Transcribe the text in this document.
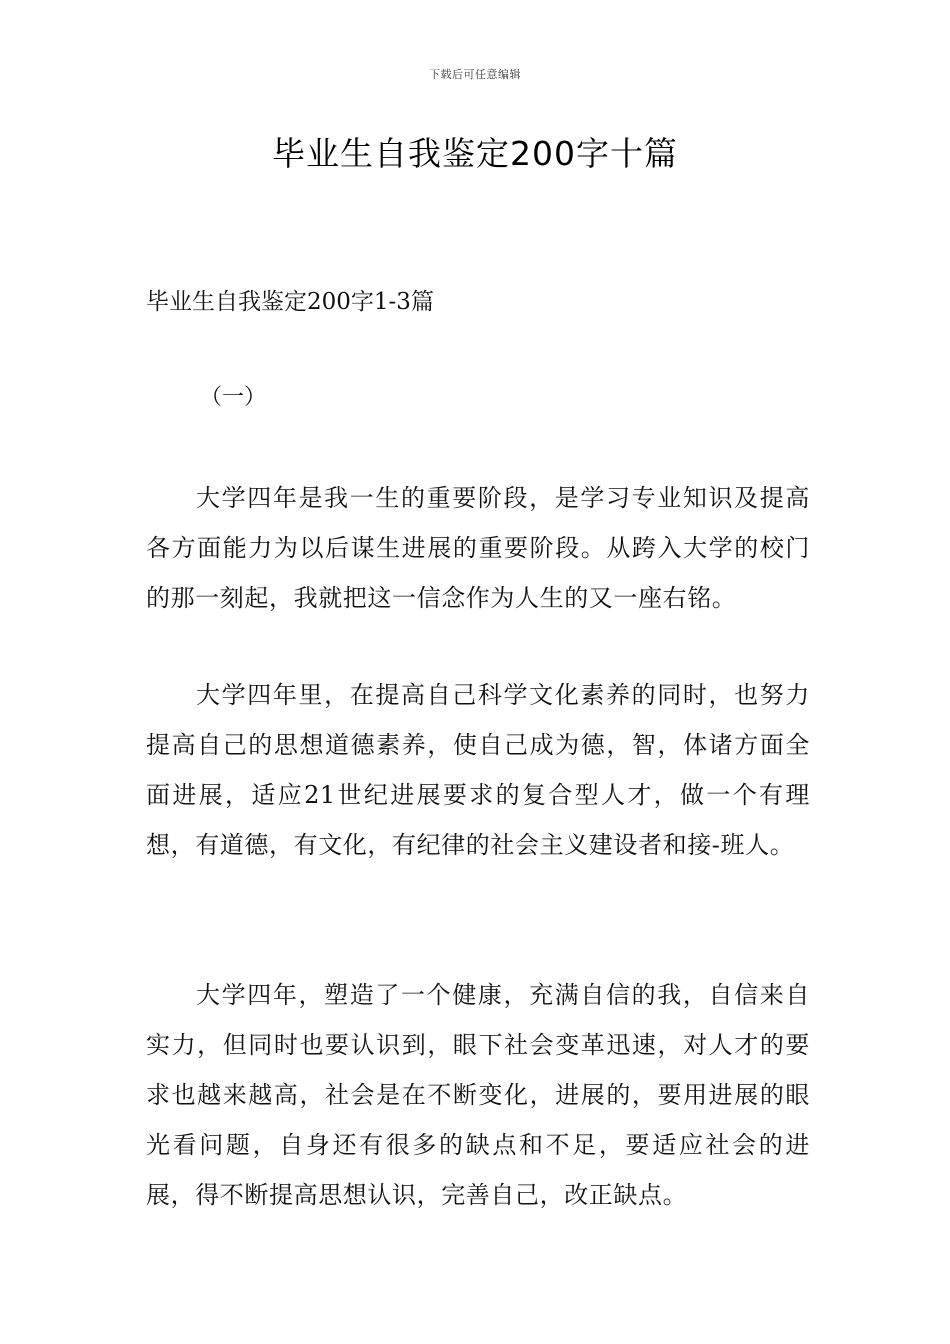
下载后可任意编辑
毕业生自我鉴定200字十篇
毕业生自我鉴定200字1-3篇

（一）

大学四年是我一生的重要阶段，是学习专业知识及提高各方面能力为以后谋生进展的重要阶段。从跨入大学的校门的那一刻起，我就把这一信念作为人生的又一座右铭。

大学四年里，在提高自己科学文化素养的同时，也努力提高自己的思想道德素养，使自己成为德，智，体诸方面全面进展，适应21世纪进展要求的复合型人才，做一个有理想，有道德，有文化，有纪律的社会主义建设者和接-班人。

大学四年，塑造了一个健康，充满自信的我，自信来自实力，但同时也要认识到，眼下社会变革迅速，对人才的要求也越来越高，社会是在不断变化，进展的，要用进展的眼光看问题，自身还有很多的缺点和不足，要适应社会的进展，得不断提高思想认识，完善自己，改正缺点。
